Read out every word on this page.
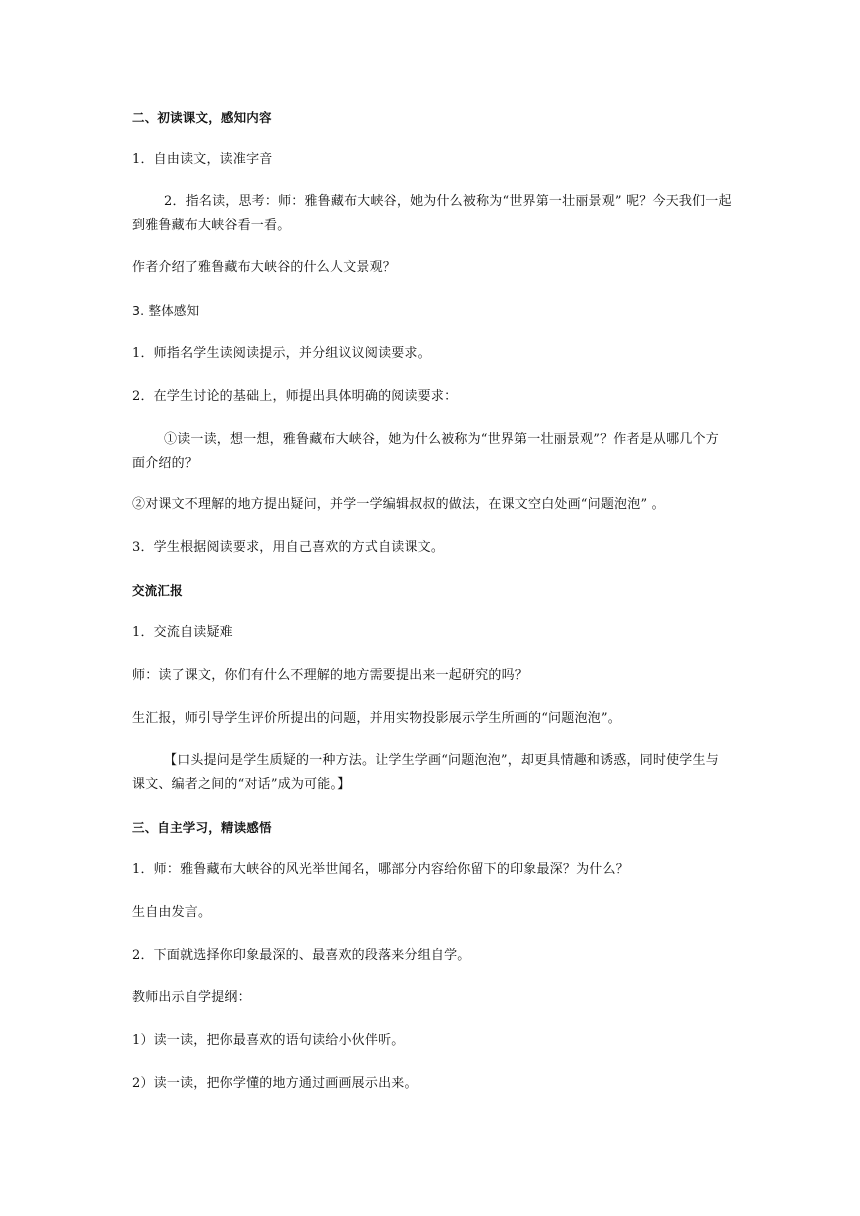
二、初读课文，感知内容

1．自由读文，读准字音

2．指名读，思考：师：雅鲁藏布大峡谷，她为什么被称为“世界第一壮丽景观” 呢？今天我们一起到雅鲁藏布大峡谷看一看。

作者介绍了雅鲁藏布大峡谷的什么人文景观？

3. 整体感知

1．师指名学生读阅读提示，并分组议议阅读要求。

2．在学生讨论的基础上，师提出具体明确的阅读要求：

①读一读，想一想，雅鲁藏布大峡谷，她为什么被称为“世界第一壮丽景观”？作者是从哪几个方面介绍的？

②对课文不理解的地方提出疑问，并学一学编辑叔叔的做法，在课文空白处画“问题泡泡” 。

3．学生根据阅读要求，用自己喜欢的方式自读课文。

交流汇报

1．交流自读疑难

师：读了课文，你们有什么不理解的地方需要提出来一起研究的吗？

生汇报，师引导学生评价所提出的问题，并用实物投影展示学生所画的“问题泡泡”。

【口头提问是学生质疑的一种方法。让学生学画“问题泡泡”，却更具情趣和诱惑，同时使学生与课文、编者之间的“对话”成为可能。】

三、自主学习，精读感悟

1．师：雅鲁藏布大峡谷的风光举世闻名，哪部分内容给你留下的印象最深？为什么？

生自由发言。

2．下面就选择你印象最深的、最喜欢的段落来分组自学。

教师出示自学提纲：

1）读一读，把你最喜欢的语句读给小伙伴听。

2）读一读，把你学懂的地方通过画画展示出来。
